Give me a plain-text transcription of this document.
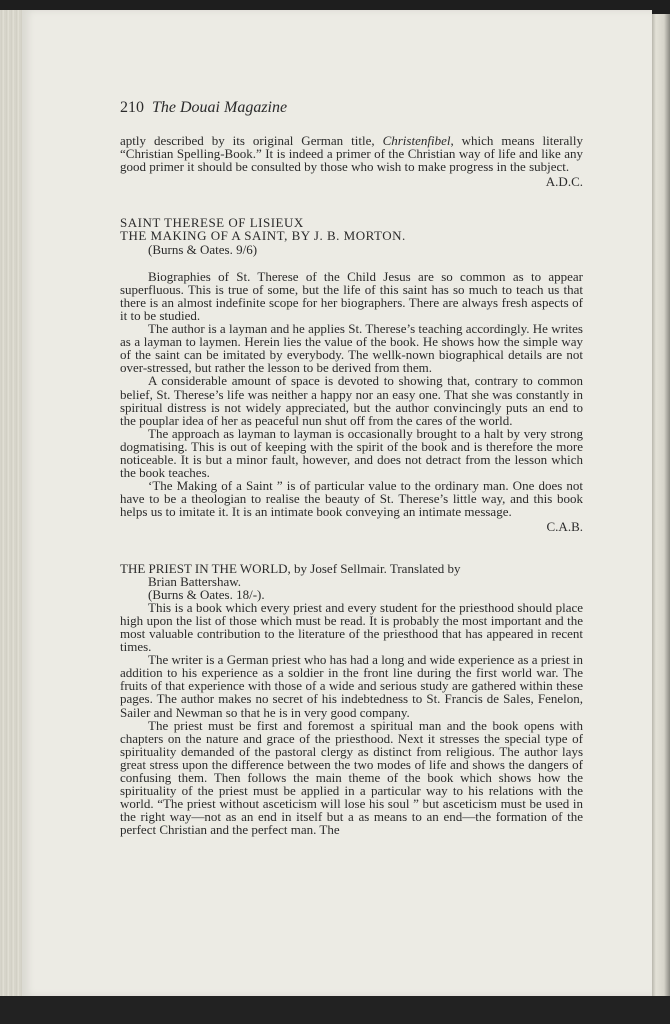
210 The Douai Magazine

aptly described by its original German title, Christenfibel, which means literally “Christian Spelling-Book.” It is indeed a primer of the Christian way of life and like any good primer it should be consulted by those who wish to make progress in the subject.

A.D.C.

SAINT THERESE OF LISIEUX
THE MAKING OF A SAINT, BY J. B. MORTON.
(Burns & Oates. 9/6)

Biographies of St. Therese of the Child Jesus are so common as to appear superfluous. This is true of some, but the life of this saint has so much to teach us that there is an almost indefinite scope for her biographers. There are always fresh aspects of it to be studied.

The author is a layman and he applies St. Therese’s teaching accordingly. He writes as a layman to laymen. Herein lies the value of the book. He shows how the simple way of the saint can be imitated by everybody. The wellk-nown biographical details are not over-stressed, but rather the lesson to be derived from them.

A considerable amount of space is devoted to showing that, contrary to common belief, St. Therese’s life was neither a happy nor an easy one. That she was constantly in spiritual distress is not widely appreciated, but the author convincingly puts an end to the pouplar idea of her as peaceful nun shut off from the cares of the world.

The approach as layman to layman is occasionally brought to a halt by very strong dogmatising. This is out of keeping with the spirit of the book and is therefore the more noticeable. It is but a minor fault, however, and does not detract from the lesson which the book teaches.

‘The Making of a Saint ” is of particular value to the ordinary man. One does not have to be a theologian to realise the beauty of St. Therese’s little way, and this book helps us to imitate it. It is an intimate book conveying an intimate message.

C.A.B.

THE PRIEST IN THE WORLD, by Josef Sellmair. Translated by
Brian Battershaw.
(Burns & Oates. 18/-).

This is a book which every priest and every student for the priesthood should place high upon the list of those which must be read. It is probably the most important and the most valuable contribution to the literature of the priesthood that has appeared in recent times.

The writer is a German priest who has had a long and wide experience as a priest in addition to his experience as a soldier in the front line during the first world war. The fruits of that experience with those of a wide and serious study are gathered within these pages. The author makes no secret of his indebtedness to St. Francis de Sales, Fenelon, Sailer and Newman so that he is in very good company.

The priest must be first and foremost a spiritual man and the book opens with chapters on the nature and grace of the priesthood. Next it stresses the special type of spirituality demanded of the pastoral clergy as distinct from religious. The author lays great stress upon the difference between the two modes of life and shows the dangers of confusing them. Then follows the main theme of the book which shows how the spirituality of the priest must be applied in a particular way to his relations with the world. “The priest without asceticism will lose his soul ” but asceticism must be used in the right way—not as an end in itself but a as means to an end—the formation of the perfect Christian and the perfect man. The
